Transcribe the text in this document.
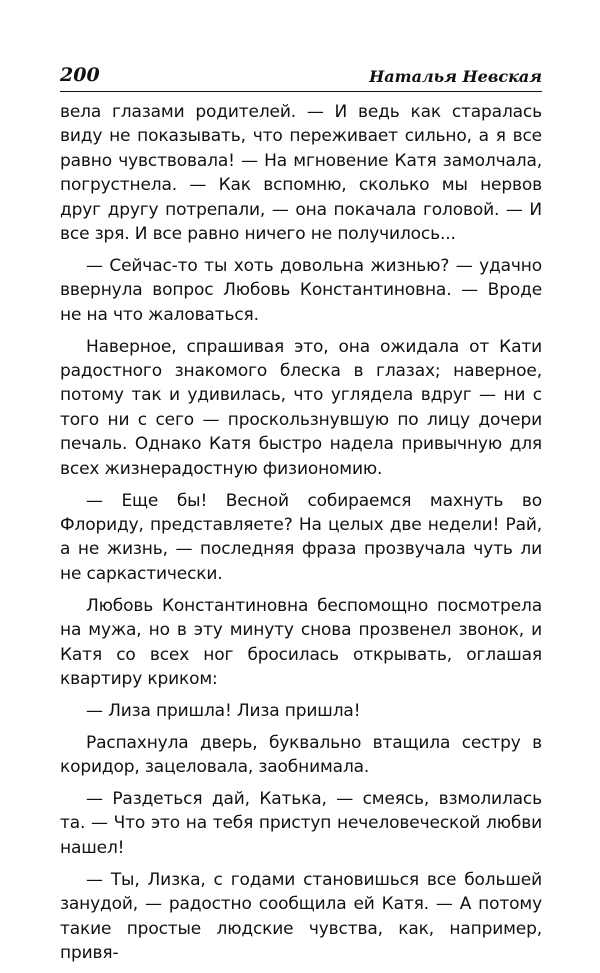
200	Наталья Невская

вела глазами родителей. — И ведь как старалась виду не показывать, что переживает сильно, а я все равно чувствовала! — На мгновение Катя замолчала, погрустнела. — Как вспомню, сколько мы нервов друг другу потрепали, — она покачала головой. — И все зря. И все равно ничего не получилось...

— Сейчас-то ты хоть довольна жизнью? — удачно ввернула вопрос Любовь Константиновна. — Вроде не на что жаловаться.

Наверное, спрашивая это, она ожидала от Кати радостного знакомого блеска в глазах; наверное, потому так и удивилась, что углядела вдруг — ни с того ни с сего — проскользнувшую по лицу дочери печаль. Однако Катя быстро надела привычную для всех жизнерадостную физиономию.

— Еще бы! Весной собираемся махнуть во Флориду, представляете? На целых две недели! Рай, а не жизнь, — последняя фраза прозвучала чуть ли не саркастически.

Любовь Константиновна беспомощно посмотрела на мужа, но в эту минуту снова прозвенел звонок, и Катя со всех ног бросилась открывать, оглашая квартиру криком:

— Лиза пришла! Лиза пришла!

Распахнула дверь, буквально втащила сестру в коридор, зацеловала, заобнимала.

— Раздеться дай, Катька, — смеясь, взмолилась та. — Что это на тебя приступ нечеловеческой любви нашел!

— Ты, Лизка, с годами становишься все большей занудой, — радостно сообщила ей Катя. — А потому такие простые людские чувства, как, например, привя-
